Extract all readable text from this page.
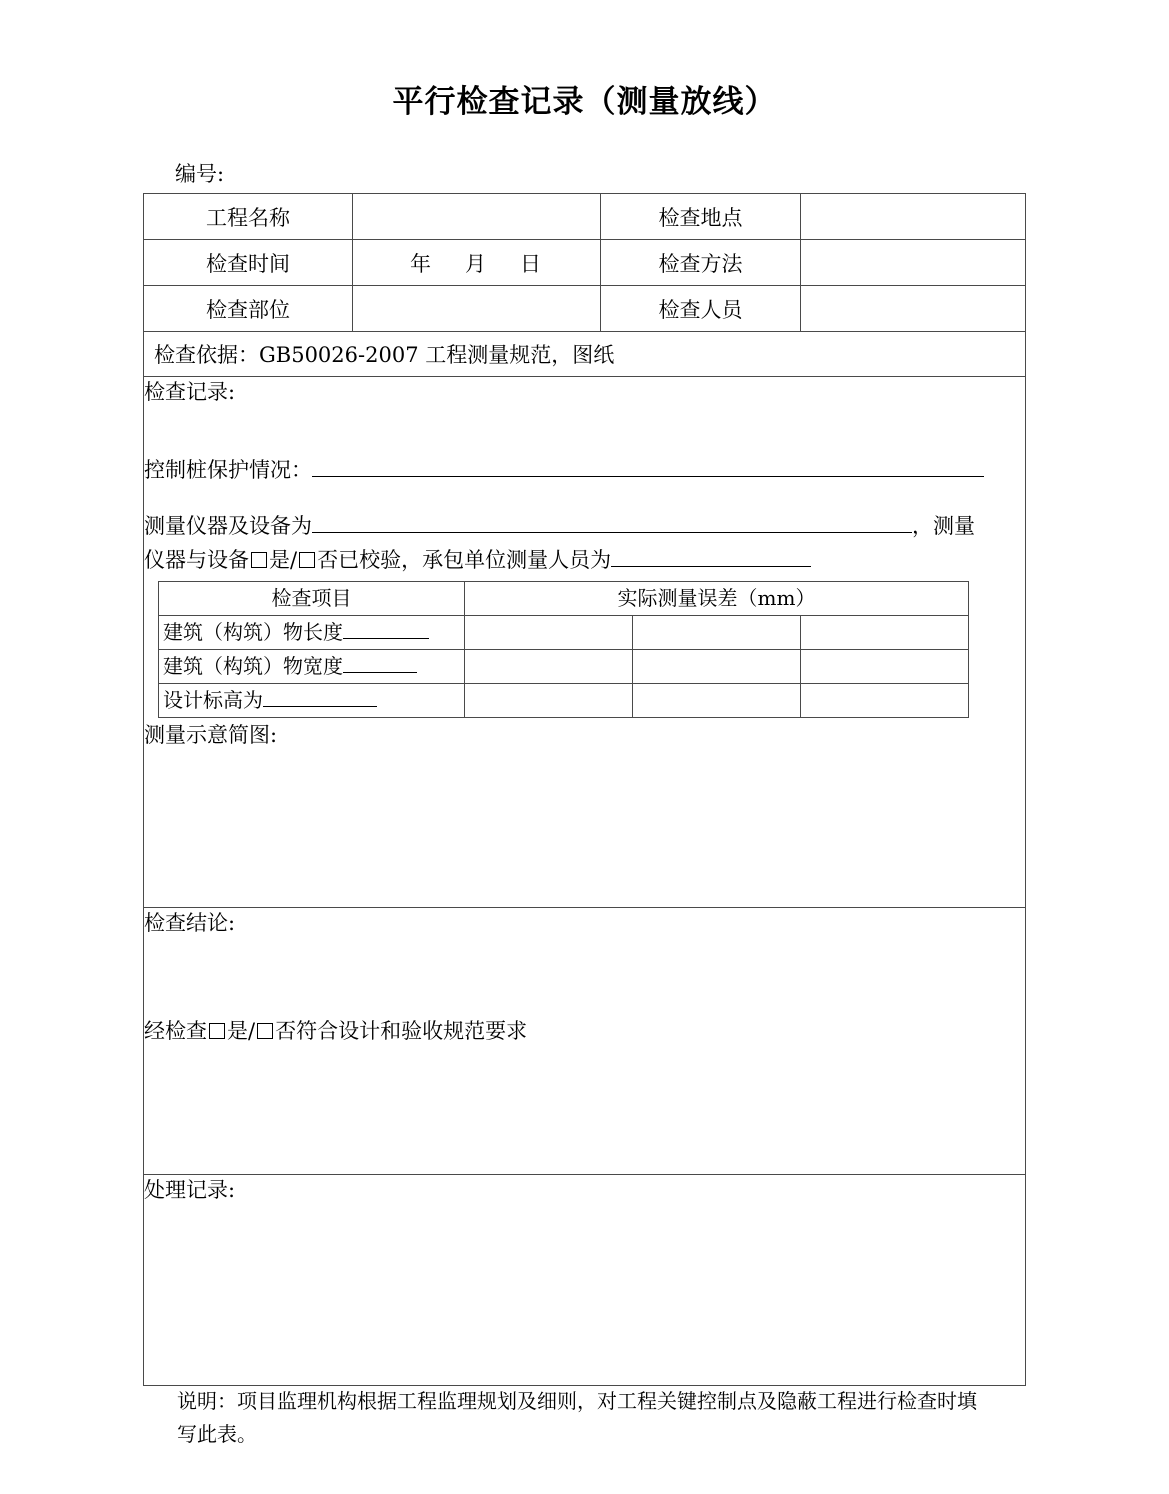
平行检查记录（测量放线）
编号:
工程名称		检查地点	
检查时间	年 月 日	检查方法	
检查部位		检查人员	
检查依据：GB50026-2007 工程测量规范，图纸

检查记录:
控制桩保护情况：
测量仪器及设备为	，测量
仪器与设备 是/ 否已校验，承包单位测量人员为
检查项目	实际测量误差（mm）
建筑（构筑）物长度			
建筑（构筑）物宽度			
设计标高为			
测量示意简图:

检查结论:
经检查 是/ 否符合设计和验收规范要求

处理记录:
说明：项目监理机构根据工程监理规划及细则，对工程关键控制点及隐蔽工程进行检查时填
写此表。
